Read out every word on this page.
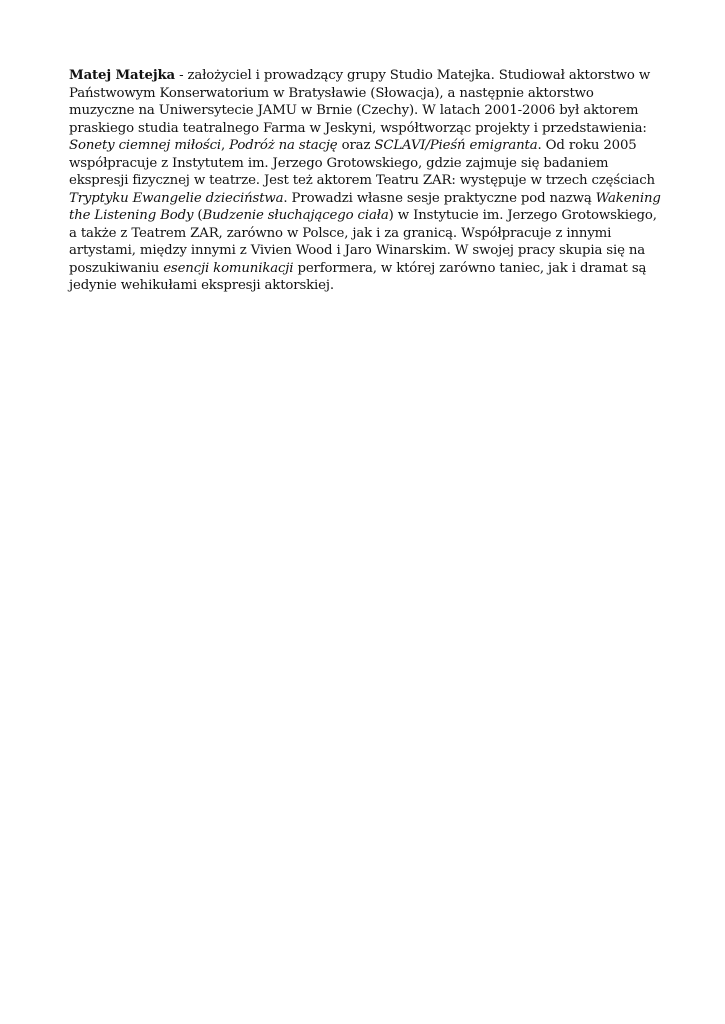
Matej Matejka - założyciel i prowadzący grupy Studio Matejka. Studiował aktorstwo w Państwowym Konserwatorium w Bratysławie (Słowacja), a następnie aktorstwo muzyczne na Uniwersytecie JAMU w Brnie (Czechy). W latach 2001-2006 był aktorem praskiego studia teatralnego Farma w Jeskyni, współtworząc projekty i przedstawienia: Sonety ciemnej miłości, Podróż na stację oraz SCLAVI/Pieśń emigranta. Od roku 2005 współpracuje z Instytutem im. Jerzego Grotowskiego, gdzie zajmuje się badaniem ekspresji fizycznej w teatrze. Jest też aktorem Teatru ZAR: występuje w trzech częściach Tryptyku Ewangelie dzieciństwa. Prowadzi własne sesje praktyczne pod nazwą Wakening the Listening Body (Budzenie słuchającego ciała) w Instytucie im. Jerzego Grotowskiego, a także z Teatrem ZAR, zarówno w Polsce, jak i za granicą. Współpracuje z innymi artystami, między innymi z Vivien Wood i Jaro Winarskim. W swojej pracy skupia się na poszukiwaniu esencji komunikacji performera, w której zarówno taniec, jak i dramat są jedynie wehikułami ekspresji aktorskiej.
